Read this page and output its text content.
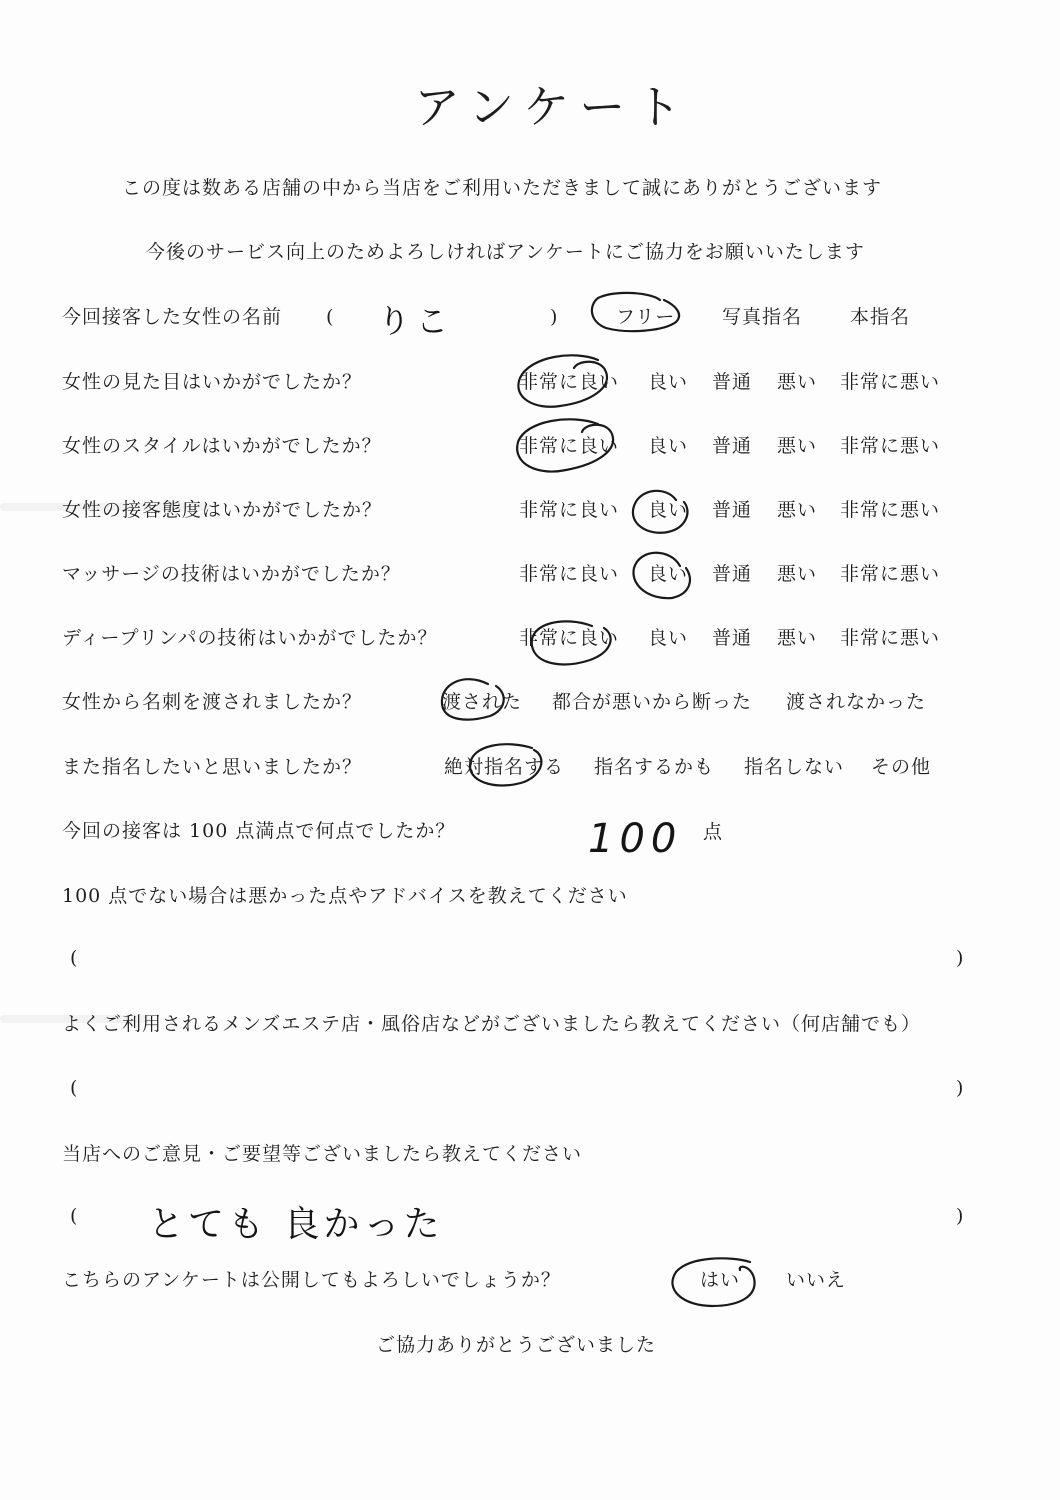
アンケート
この度は数ある店舗の中から当店をご利用いただきまして誠にありがとうございます
今後のサービス向上のためよろしければアンケートにご協力をお願いいたします
今回接客した女性の名前 ( りこ	)	フリー 写真指名	本指名
女性の見た目はいかがでしたか？	非常に良い 良い 普通 悪い 非常に悪い
女性のスタイルはいかがでしたか？	非常に良い 良い 普通 悪い 非常に悪い
女性の接客態度はいかがでしたか？	非常に良い 良い 普通 悪い 非常に悪い
マッサージの技術はいかがでしたか？	非常に良い 良い 普通 悪い 非常に悪い
ディープリンパの技術はいかがでしたか？	非常に良い 良い 普通 悪い 非常に悪い
女性から名刺を渡されましたか？	渡された 都合が悪いから断った 渡されなかった
また指名したいと思いましたか？	絶対指名する 指名するかも 指名しない その他
今回の接客は 100 点満点で何点でしたか？	100 点
100 点でない場合は悪かった点やアドバイスを教えてください
(	)
よくご利用されるメンズエステ店・風俗店などがございましたら教えてください（何店舗でも）
(	)
当店へのご意見・ご要望等ございましたら教えてください
( とても 良かった	)
こちらのアンケートは公開してもよろしいでしょうか？	はい いいえ
ご協力ありがとうございました
